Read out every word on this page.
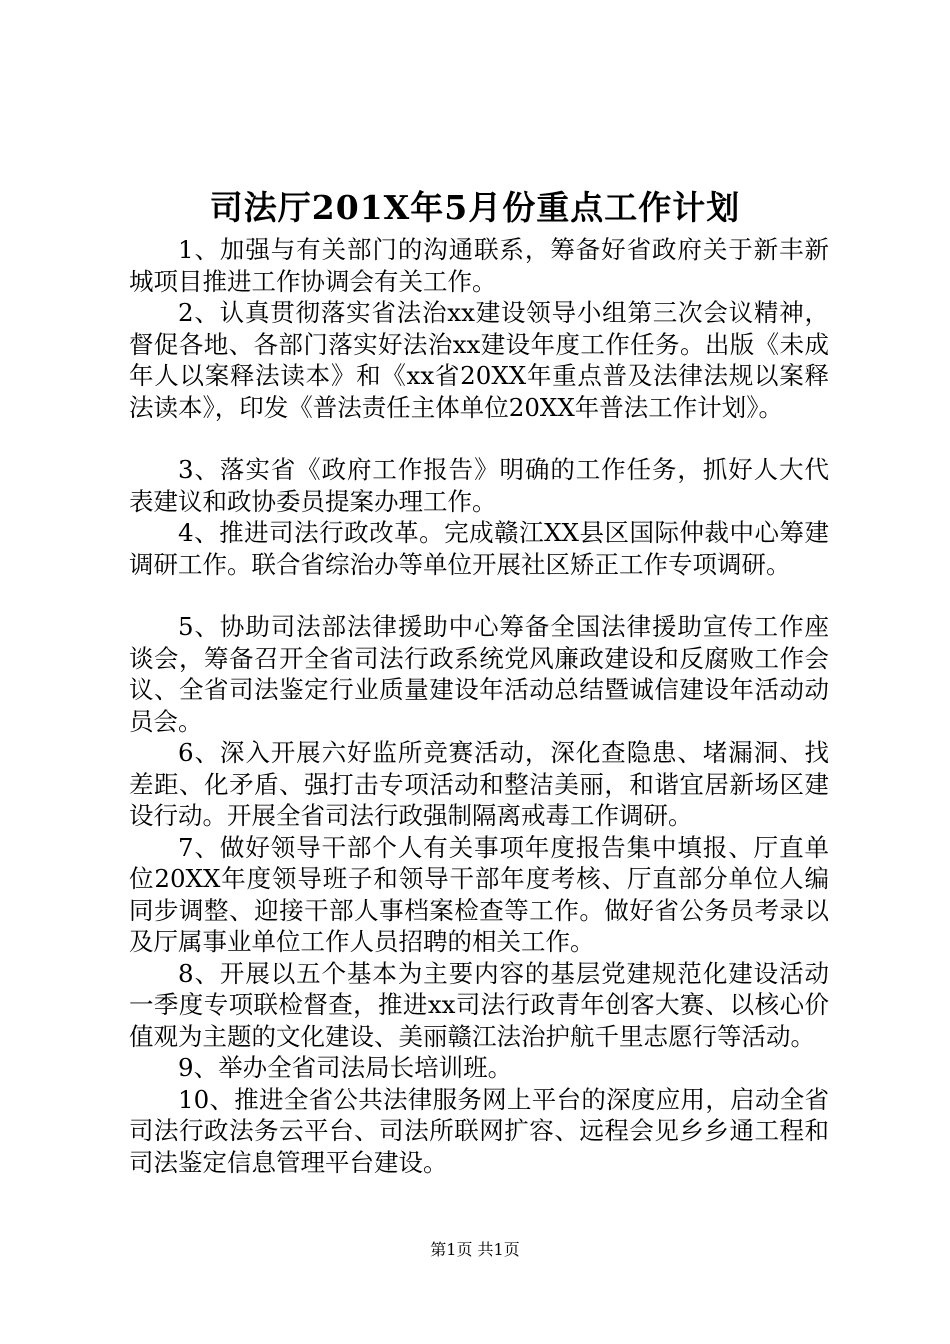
司法厅201X年5月份重点工作计划

1、加强与有关部门的沟通联系，筹备好省政府关于新丰新城项目推进工作协调会有关工作。

2、认真贯彻落实省法治xx建设领导小组第三次会议精神，督促各地、各部门落实好法治xx建设年度工作任务。出版《未成年人以案释法读本》和《xx省20XX年重点普及法律法规以案释法读本》，印发《普法责任主体单位20XX年普法工作计划》。

3、落实省《政府工作报告》明确的工作任务，抓好人大代表建议和政协委员提案办理工作。

4、推进司法行政改革。完成赣江XX县区国际仲裁中心筹建调研工作。联合省综治办等单位开展社区矫正工作专项调研。

5、协助司法部法律援助中心筹备全国法律援助宣传工作座谈会，筹备召开全省司法行政系统党风廉政建设和反腐败工作会议、全省司法鉴定行业质量建设年活动总结暨诚信建设年活动动员会。

6、深入开展六好监所竞赛活动，深化查隐患、堵漏洞、找差距、化矛盾、强打击专项活动和整洁美丽，和谐宜居新场区建设行动。开展全省司法行政强制隔离戒毒工作调研。

7、做好领导干部个人有关事项年度报告集中填报、厅直单位20XX年度领导班子和领导干部年度考核、厅直部分单位人编同步调整、迎接干部人事档案检查等工作。做好省公务员考录以及厅属事业单位工作人员招聘的相关工作。

8、开展以五个基本为主要内容的基层党建规范化建设活动一季度专项联检督查，推进xx司法行政青年创客大赛、以核心价值观为主题的文化建设、美丽赣江法治护航千里志愿行等活动。

9、举办全省司法局长培训班。

10、推进全省公共法律服务网上平台的深度应用，启动全省司法行政法务云平台、司法所联网扩容、远程会见乡乡通工程和司法鉴定信息管理平台建设。

第1页 共1页
